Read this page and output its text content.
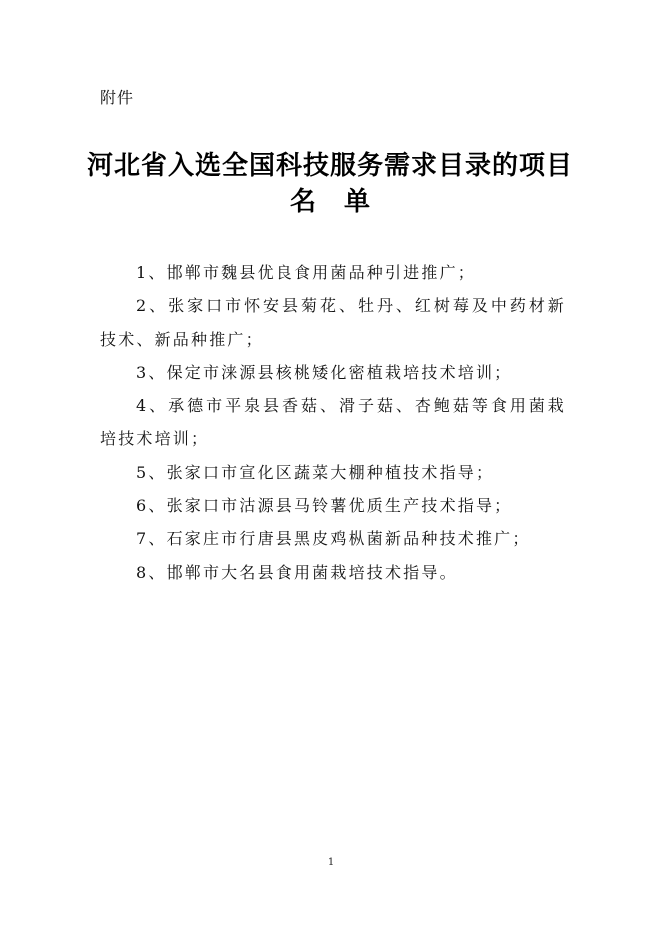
附件
河北省入选全国科技服务需求目录的项目
名单
1、邯郸市魏县优良食用菌品种引进推广；
2、张家口市怀安县菊花、牡丹、红树莓及中药材新技术、新品种推广；
3、保定市涞源县核桃矮化密植栽培技术培训；
4、承德市平泉县香菇、滑子菇、杏鲍菇等食用菌栽培技术培训；
5、张家口市宣化区蔬菜大棚种植技术指导；
6、张家口市沽源县马铃薯优质生产技术指导；
7、石家庄市行唐县黑皮鸡枞菌新品种技术推广；
8、邯郸市大名县食用菌栽培技术指导。
1
